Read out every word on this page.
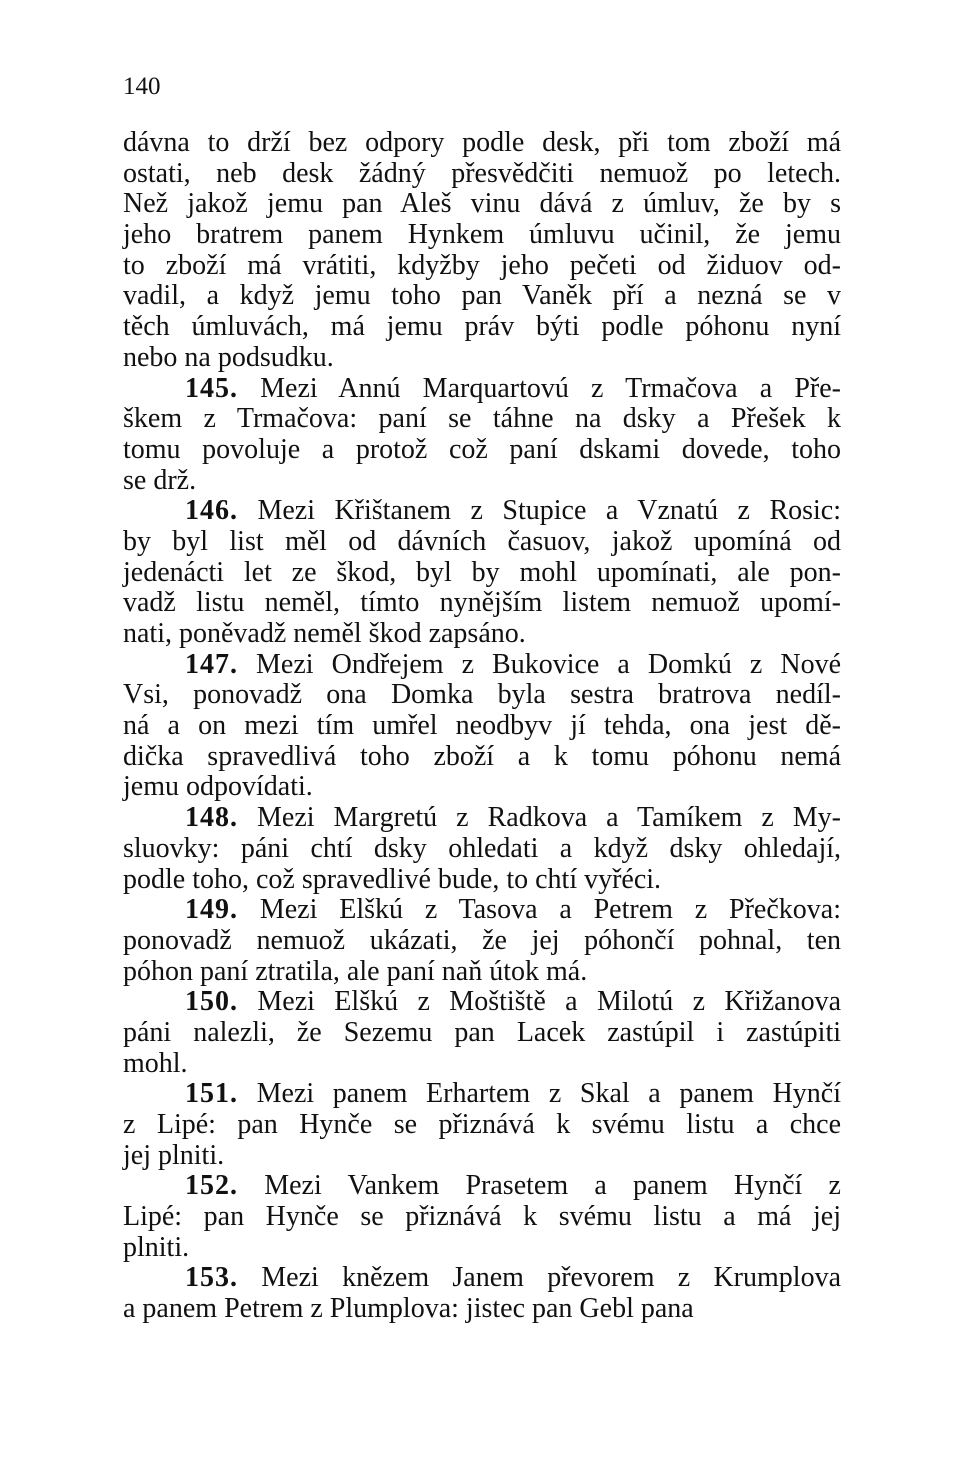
140
dávna to drží bez odpory podle desk, při tom zboží má
ostati, neb desk žádný přesvědčiti nemuož po letech.
Než jakož jemu pan Aleš vinu dává z úmluv, že by s
jeho bratrem panem Hynkem úmluvu učinil, že jemu
to zboží má vrátiti, kdyžby jeho pečeti od židuov od-
vadil, a když jemu toho pan Vaněk pří a nezná se v
těch úmluvách, má jemu práv býti podle póhonu nyní
nebo na podsudku.
145. Mezi Annú Marquartovú z Trmačova a Pře-
škem z Trmačova: paní se táhne na dsky a Přešek k
tomu povoluje a protož což paní dskami dovede, toho
se drž.
146. Mezi Křištanem z Stupice a Vznatú z Rosic:
by byl list měl od dávních časuov, jakož upomíná od
jedenácti let ze škod, byl by mohl upomínati, ale pon-
vadž listu neměl, tímto nynějším listem nemuož upomí-
nati, poněvadž neměl škod zapsáno.
147. Mezi Ondřejem z Bukovice a Domkú z Nové
Vsi, ponovadž ona Domka byla sestra bratrova nedíl-
ná a on mezi tím umřel neodbyv jí tehda, ona jest dě-
dička spravedlivá toho zboží a k tomu póhonu nemá
jemu odpovídati.
148. Mezi Margretú z Radkova a Tamíkem z My-
sluovky: páni chtí dsky ohledati a když dsky ohledají,
podle toho, což spravedlivé bude, to chtí vyřéci.
149. Mezi Elškú z Tasova a Petrem z Přečkova:
ponovadž nemuož ukázati, že jej póhončí pohnal, ten
póhon paní ztratila, ale paní naň útok má.
150. Mezi Elškú z Moštiště a Milotú z Křižanova
páni nalezli, že Sezemu pan Lacek zastúpil i zastúpiti
mohl.
151. Mezi panem Erhartem z Skal a panem Hynčí
z Lipé: pan Hynče se přiznává k svému listu a chce
jej plniti.
152. Mezi Vankem Prasetem a panem Hynčí z
Lipé: pan Hynče se přiznává k svému listu a má jej
plniti.
153. Mezi knězem Janem převorem z Krumplova
a panem Petrem z Plumplova: jistec pan Gebl pana
